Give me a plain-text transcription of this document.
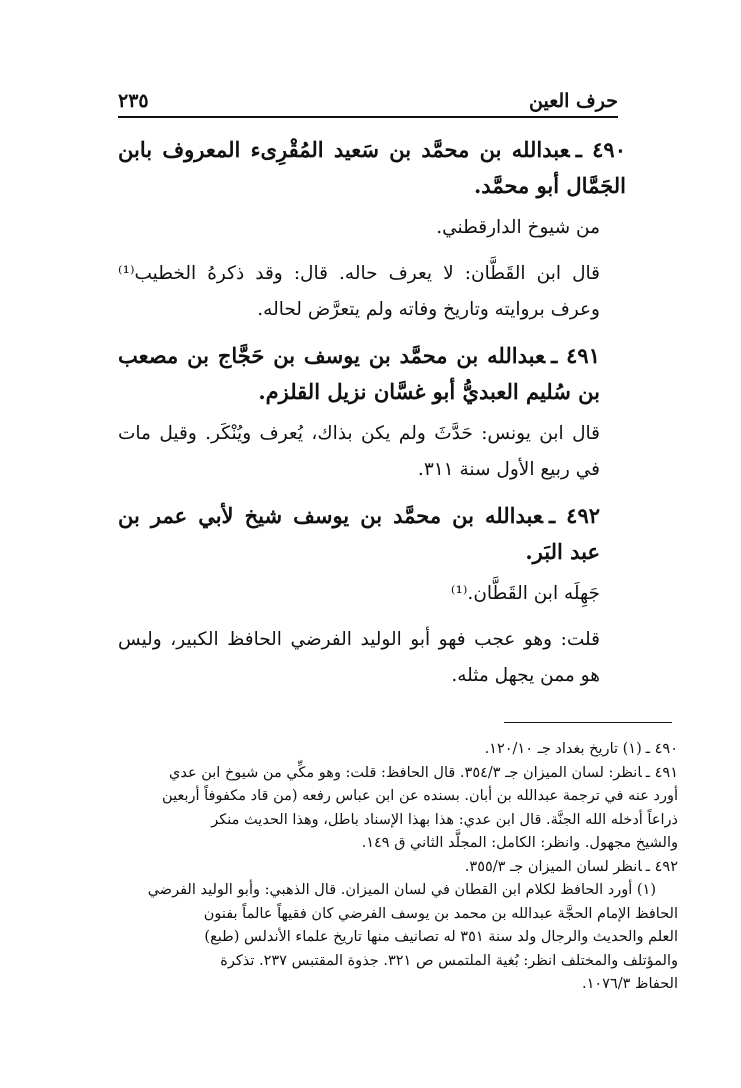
حرف العين
٢٣٥

٤٩٠ ـعبدالله بن محمَّد بن سَعيد المُقْرِىء المعروف بابن الجَمَّال أبو محمَّد.

من شيوخ الدارقطني.

قال ابن القَطَّان: لا يعرف حاله. قال: وقد ذكرهُ الخطيب⁽¹⁾ وعرف بروايته وتاريخ وفاته ولم يتعرَّض لحاله.

٤٩١ ـعبدالله بن محمَّد بن يوسف بن حَجَّاج بن مصعب بن سُليم العبديُّ أبو غسَّان نزيل القلزم.

قال ابن يونس: حَدَّثَ ولم يكن بذاك، يُعرف ويُنْكَر. وقيل مات في ربيع الأول سنة ٣١١.

٤٩٢ ـعبدالله بن محمَّد بن يوسف شيخ لأبي عمر بن عبد البَر.

جَهِلَه ابن القَطَّان.⁽¹⁾

قلت: وهو عجب فهو أبو الوليد الفرضي الحافظ الكبير، وليس هو ممن يجهل مثله.

٤٩٠ ـ(١) تاريخ بغداد جـ ١٢٠/١٠.

٤٩١ ـانظر: لسان الميزان جـ ٣٥٤/٣. قال الحافظ: قلت: وهو مكِّي من شيوخ ابن عدي

أورد عنه في ترجمة عبدالله بن أبان. بسنده عن ابن عباس رفعه (من قاد مكفوفاً أربعين

ذراعاً أدخله الله الجنَّة. قال ابن عدي: هذا بهذا الإسناد باطل، وهذا الحديث منكر

والشيخ مجهول. وانظر: الكامل: المجلَّد الثاني ق ١٤٩.

٤٩٢ ـانظر لسان الميزان جـ ٣٥٥/٣.

(١) أورد الحافظ لكلام ابن القطان في لسان الميزان. قال الذهبي: وأبو الوليد الفرضي

الحافظ الإمام الحجَّة عبدالله بن محمد بن يوسف الفرضي كان فقيهاً عالماً بفنون

العلم والحديث والرجال ولد سنة ٣٥١ له تصانيف منها تاريخ علماء الأندلس (طبع)

والمؤتلف والمختلف انظر: بُغية الملتمس ص ٣٢١. جذوة المقتبس ٢٣٧. تذكرة

الحفاظ ١٠٧٦/٣.
